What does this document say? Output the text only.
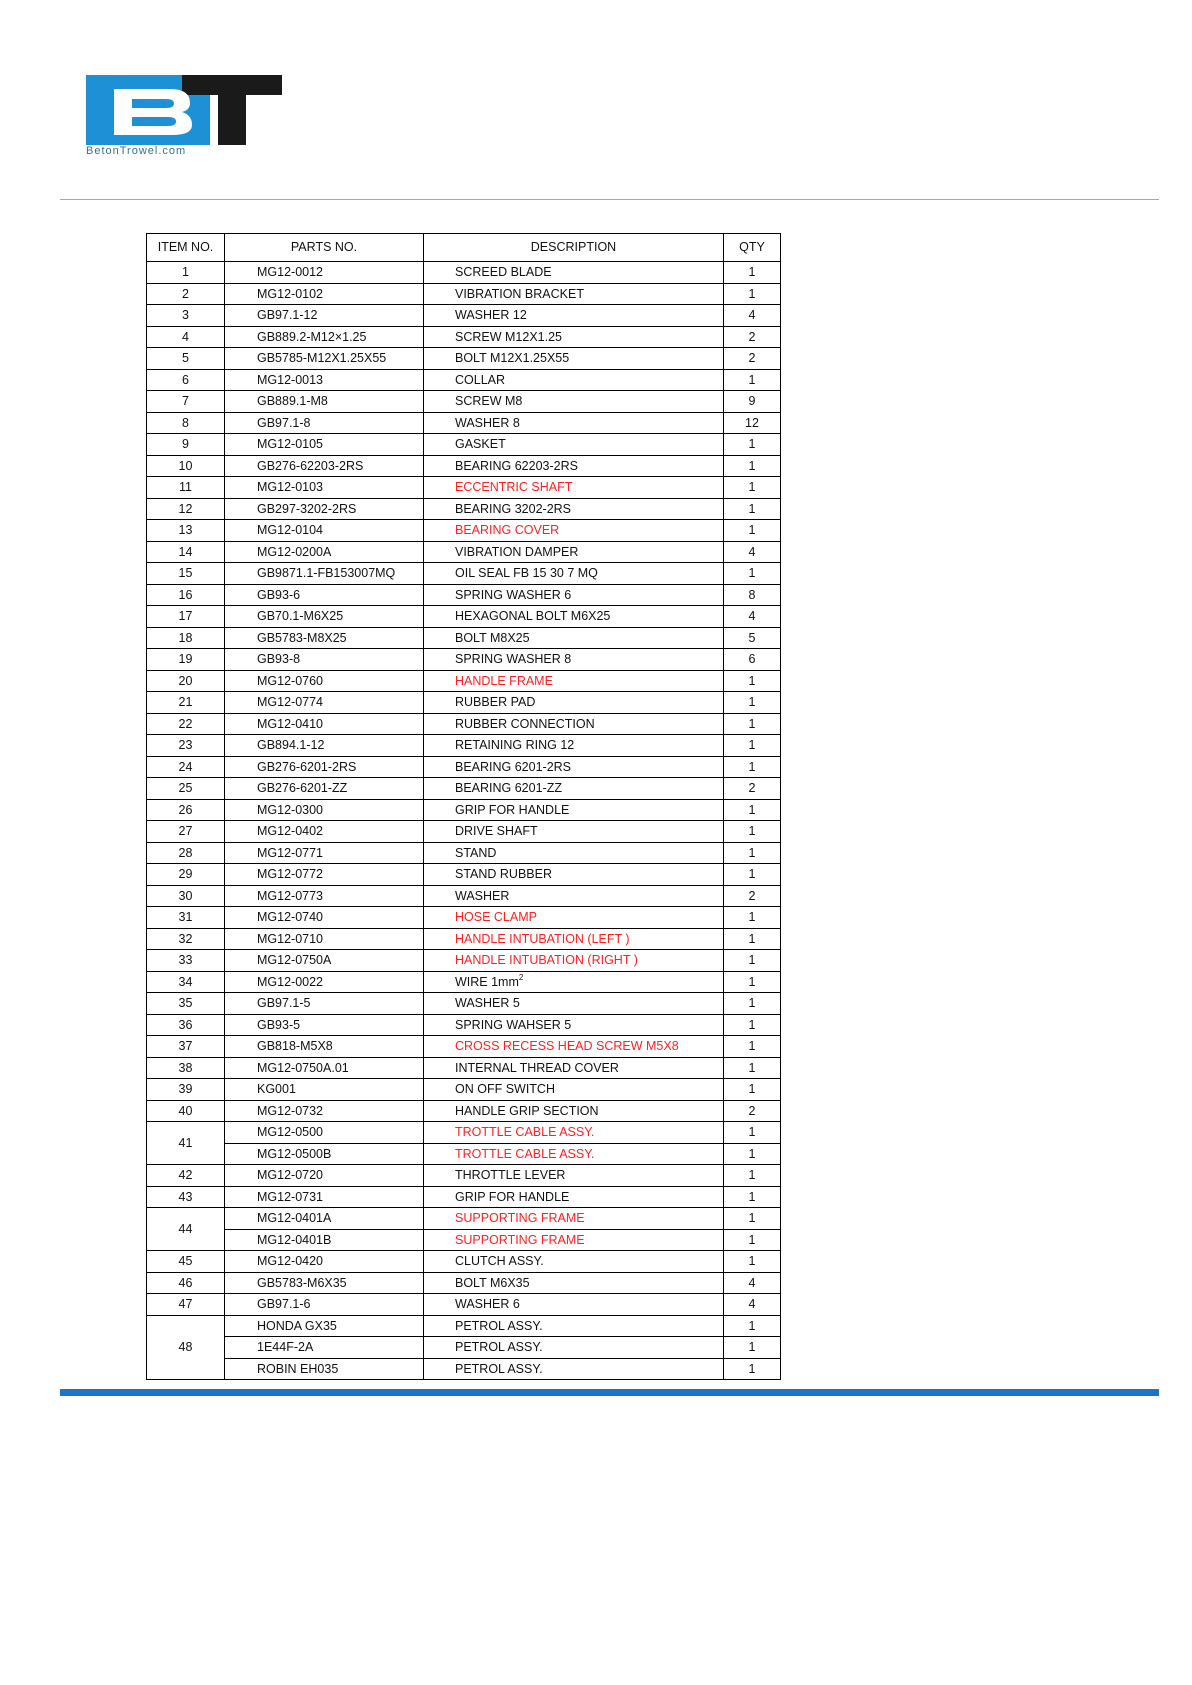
BetonTrowel.com
ITEM NO.	PARTS NO.	DESCRIPTION	QTY
1	MG12-0012	SCREED BLADE	1
2	MG12-0102	VIBRATION BRACKET	1
3	GB97.1-12	WASHER 12	4
4	GB889.2-M12×1.25	SCREW M12X1.25	2
5	GB5785-M12X1.25X55	BOLT M12X1.25X55	2
6	MG12-0013	COLLAR	1
7	GB889.1-M8	SCREW M8	9
8	GB97.1-8	WASHER 8	12
9	MG12-0105	GASKET	1
10	GB276-62203-2RS	BEARING 62203-2RS	1
11	MG12-0103	ECCENTRIC SHAFT	1
12	GB297-3202-2RS	BEARING 3202-2RS	1
13	MG12-0104	BEARING COVER	1
14	MG12-0200A	VIBRATION DAMPER	4
15	GB9871.1-FB153007MQ	OIL SEAL FB 15 30 7 MQ	1
16	GB93-6	SPRING WASHER 6	8
17	GB70.1-M6X25	HEXAGONAL BOLT M6X25	4
18	GB5783-M8X25	BOLT M8X25	5
19	GB93-8	SPRING WASHER 8	6
20	MG12-0760	HANDLE FRAME	1
21	MG12-0774	RUBBER PAD	1
22	MG12-0410	RUBBER CONNECTION	1
23	GB894.1-12	RETAINING RING 12	1
24	GB276-6201-2RS	BEARING 6201-2RS	1
25	GB276-6201-ZZ	BEARING 6201-ZZ	2
26	MG12-0300	GRIP FOR HANDLE	1
27	MG12-0402	DRIVE SHAFT	1
28	MG12-0771	STAND	1
29	MG12-0772	STAND RUBBER	1
30	MG12-0773	WASHER	2
31	MG12-0740	HOSE CLAMP	1
32	MG12-0710	HANDLE INTUBATION (LEFT )	1
33	MG12-0750A	HANDLE INTUBATION (RIGHT )	1
34	MG12-0022	WIRE $1mm^2$	1
35	GB97.1-5	WASHER 5	1
36	GB93-5	SPRING WAHSER 5	1
37	GB818-M5X8	CROSS RECESS HEAD SCREW M5X8	1
38	MG12-0750A.01	INTERNAL THREAD COVER	1
39	KG001	ON OFF SWITCH	1
40	MG12-0732	HANDLE GRIP SECTION	2
41	MG12-0500	TROTTLE CABLE ASSY.	1
	MG12-0500B	TROTTLE CABLE ASSY.	1
42	MG12-0720	THROTTLE LEVER	1
43	MG12-0731	GRIP FOR HANDLE	1
44	MG12-0401A	SUPPORTING FRAME	1
	MG12-0401B	SUPPORTING FRAME	1
45	MG12-0420	CLUTCH ASSY.	1
46	GB5783-M6X35	BOLT M6X35	4
47	GB97.1-6	WASHER 6	4
48	HONDA GX35	PETROL ASSY.	1
	1E44F-2A	PETROL ASSY.	1
	ROBIN EH035	PETROL ASSY.	1
